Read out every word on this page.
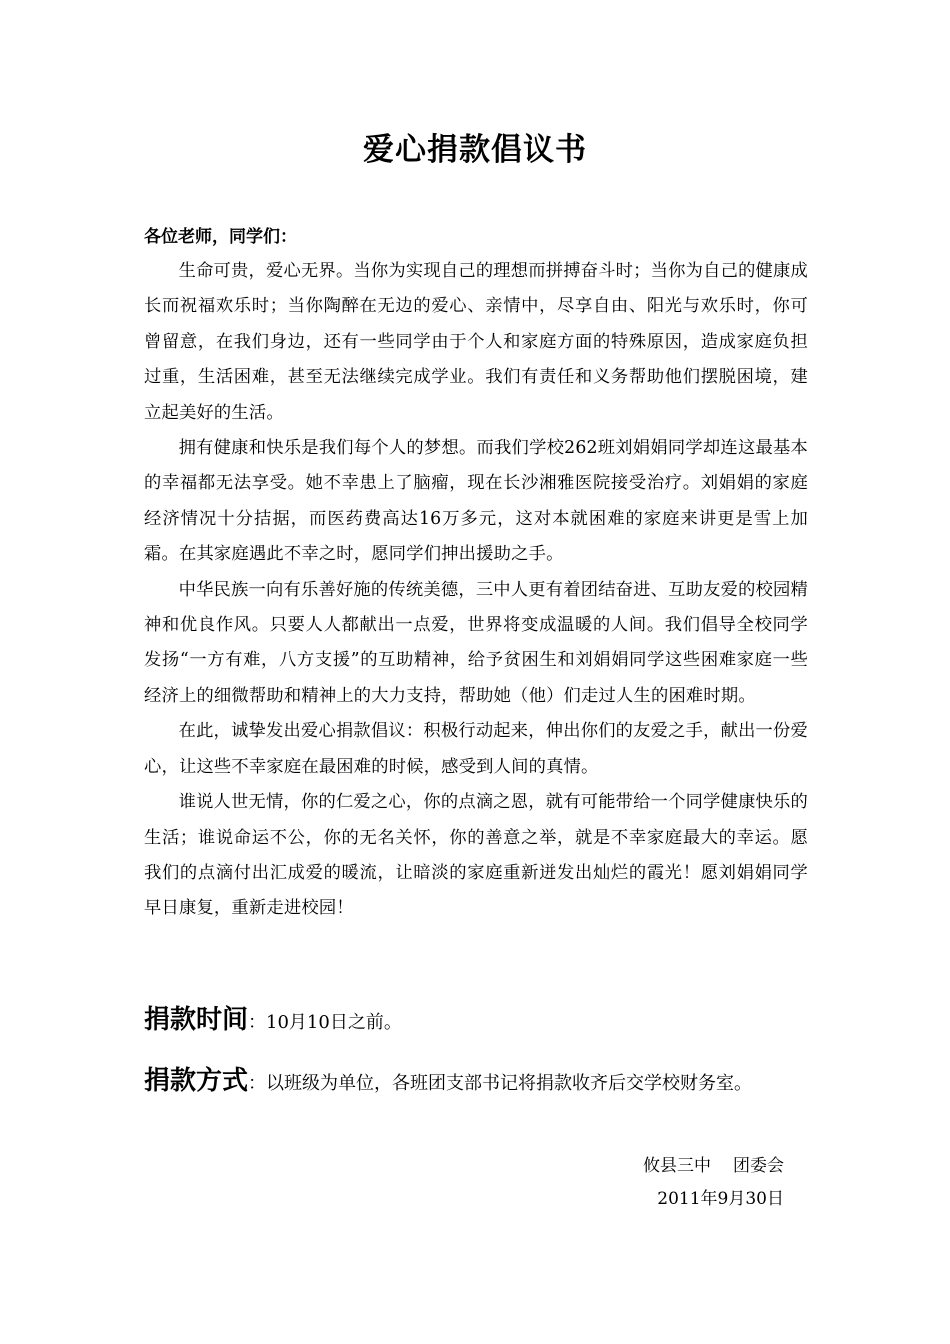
爱心捐款倡议书
各位老师，同学们：

生命可贵，爱心无界。当你为实现自己的理想而拼搏奋斗时；当你为自己的健康成长而祝福欢乐时；当你陶醉在无边的爱心、亲情中，尽享自由、阳光与欢乐时，你可曾留意，在我们身边，还有一些同学由于个人和家庭方面的特殊原因，造成家庭负担过重，生活困难，甚至无法继续完成学业。我们有责任和义务帮助他们摆脱困境，建立起美好的生活。

拥有健康和快乐是我们每个人的梦想。而我们学校262班刘娟娟同学却连这最基本的幸福都无法享受。她不幸患上了脑瘤，现在长沙湘雅医院接受治疗。刘娟娟的家庭经济情况十分拮据，而医药费高达16万多元，这对本就困难的家庭来讲更是雪上加霜。在其家庭遇此不幸之时，愿同学们抻出援助之手。

中华民族一向有乐善好施的传统美德，三中人更有着团结奋进、互助友爱的校园精神和优良作风。只要人人都献出一点爱，世界将变成温暖的人间。我们倡导全校同学发扬“一方有难，八方支援”的互助精神，给予贫困生和刘娟娟同学这些困难家庭一些经济上的细微帮助和精神上的大力支持，帮助她（他）们走过人生的困难时期。

在此，诚挚发出爱心捐款倡议：积极行动起来，伸出你们的友爱之手，献出一份爱心，让这些不幸家庭在最困难的时候，感受到人间的真情。

谁说人世无情，你的仁爱之心，你的点滴之恩，就有可能带给一个同学健康快乐的生活；谁说命运不公，你的无名关怀，你的善意之举，就是不幸家庭最大的幸运。愿我们的点滴付出汇成爱的暖流，让暗淡的家庭重新迸发出灿烂的霞光！愿刘娟娟同学早日康复，重新走进校园！

捐款时间：10月10日之前。
捐款方式：以班级为单位，各班团支部书记将捐款收齐后交学校财务室。
攸县三中 团委会
2011年9月30日
